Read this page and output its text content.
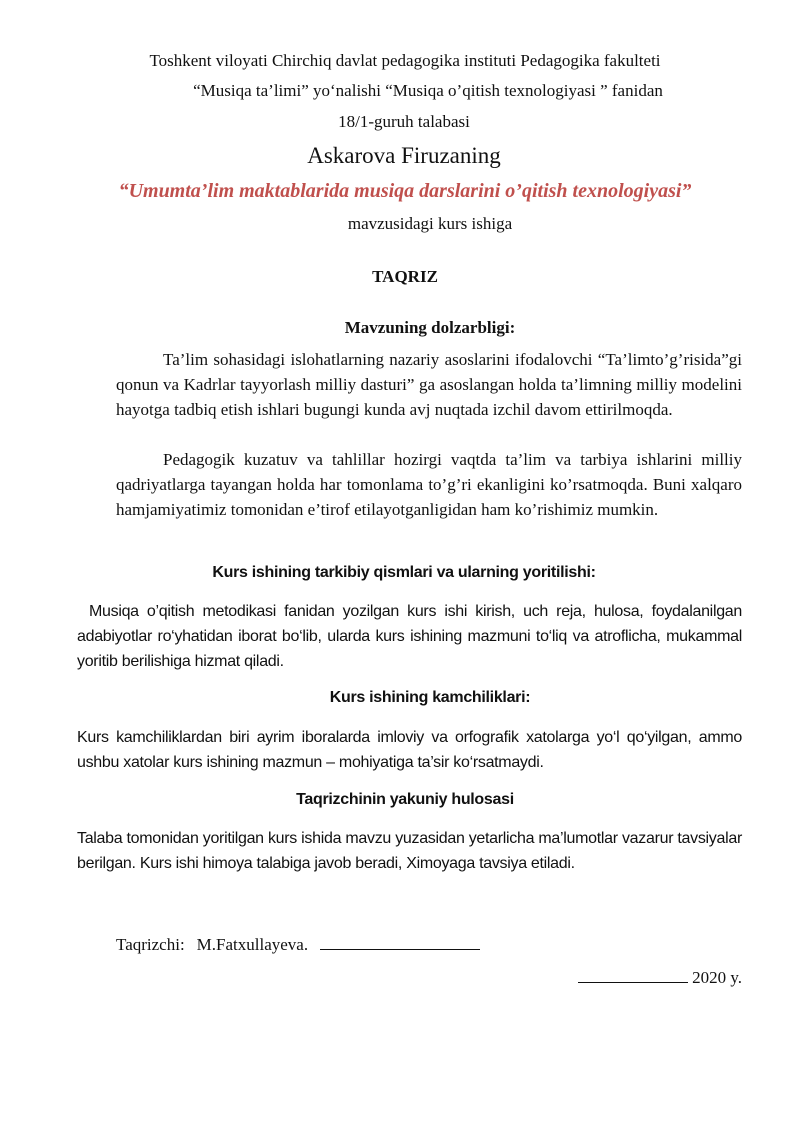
Toshkent viloyati Chirchiq davlat pedagogika instituti Pedagogika fakulteti
“Musiqa ta’limi” yo‘nalishi “Musiqa o’qitish texnologiyasi ” fanidan
18/1-guruh talabasi
Askarova Firuzaning
“Umumta’lim maktablarida musiqa darslarini o’qitish texnologiyasi”
mavzusidagi kurs ishiga
TAQRIZ
Mavzuning dolzarbligi:
Ta’lim sohasidagi islohatlarning nazariy asoslarini ifodalovchi “Ta’limto’g’risida”gi qonun va Kadrlar tayyorlash milliy dasturi” ga asoslangan holda ta’limning milliy modelini hayotga tadbiq etish ishlari bugungi kunda avj nuqtada izchil davom ettirilmoqda.
Pedagogik kuzatuv va tahlillar hozirgi vaqtda ta’lim va tarbiya ishlarini milliy qadriyatlarga tayangan holda har tomonlama to’g’ri ekanligini ko’rsatmoqda. Buni xalqaro hamjamiyatimiz tomonidan e’tirof etilayotganligidan ham ko’rishimiz mumkin.
Kurs ishining tarkibiy qismlari va ularning yoritilishi:
Musiqa o’qitish metodikasi fanidan yozilgan kurs ishi kirish, uch reja, hulosa, foydalanilgan adabiyotlar ro‘yhatidan iborat bo‘lib, ularda kurs ishining mazmuni to‘liq va atroflicha, mukammal yoritib berilishiga hizmat qiladi.
Kurs ishining kamchiliklari:
Kurs kamchiliklardan biri ayrim iboralarda imloviy va orfografik xatolarga yo‘l qo‘yilgan, ammo ushbu xatolar kurs ishining mazmun – mohiyatiga ta’sir ko‘rsatmaydi.
Taqrizchinin yakuniy hulosasi
Talaba tomonidan yoritilgan kurs ishida mavzu yuzasidan yetarlicha ma’lumotlar vazarur tavsiyalar berilgan. Kurs ishi himoya talabiga javob beradi, Ximoyaga tavsiya etiladi.
Taqrizchi: M.Fatxullayeva.
2020 y.
